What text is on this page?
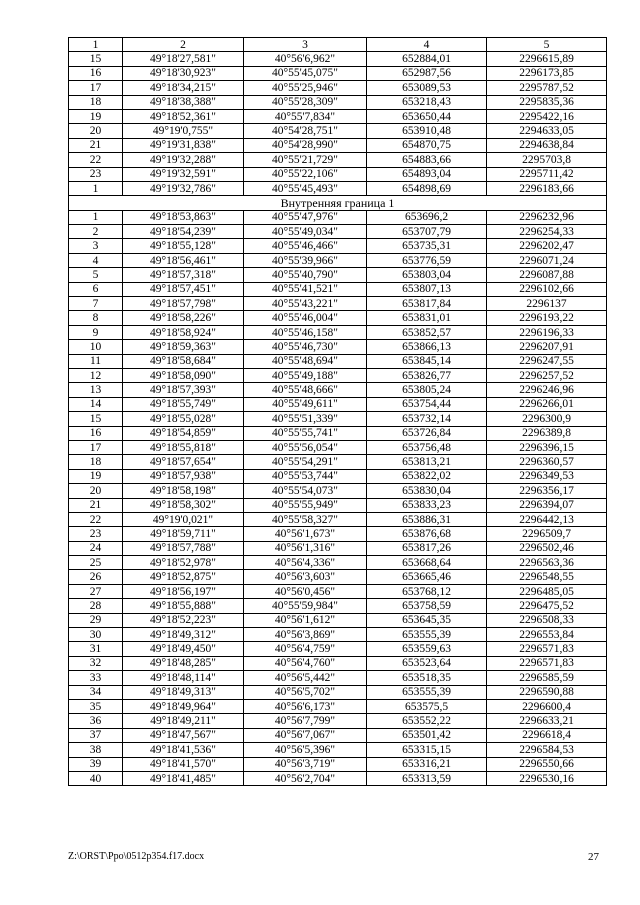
1	2	3	4	5
15	49°18'27,581"	40°56'6,962"	652884,01	2296615,89
16	49°18'30,923"	40°55'45,075"	652987,56	2296173,85
17	49°18'34,215"	40°55'25,946"	653089,53	2295787,52
18	49°18'38,388"	40°55'28,309"	653218,43	2295835,36
19	49°18'52,361"	40°55'7,834"	653650,44	2295422,16
20	49°19'0,755"	40°54'28,751"	653910,48	2294633,05
21	49°19'31,838"	40°54'28,990"	654870,75	2294638,84
22	49°19'32,288"	40°55'21,729"	654883,66	2295703,8
23	49°19'32,591"	40°55'22,106"	654893,04	2295711,42
1	49°19'32,786"	40°55'45,493"	654898,69	2296183,66
Внутренняя граница 1				
1	49°18'53,863"	40°55'47,976"	653696,2	2296232,96
2	49°18'54,239"	40°55'49,034"	653707,79	2296254,33
3	49°18'55,128"	40°55'46,466"	653735,31	2296202,47
4	49°18'56,461"	40°55'39,966"	653776,59	2296071,24
5	49°18'57,318"	40°55'40,790"	653803,04	2296087,88
6	49°18'57,451"	40°55'41,521"	653807,13	2296102,66
7	49°18'57,798"	40°55'43,221"	653817,84	2296137
8	49°18'58,226"	40°55'46,004"	653831,01	2296193,22
9	49°18'58,924"	40°55'46,158"	653852,57	2296196,33
10	49°18'59,363"	40°55'46,730"	653866,13	2296207,91
11	49°18'58,684"	40°55'48,694"	653845,14	2296247,55
12	49°18'58,090"	40°55'49,188"	653826,77	2296257,52
13	49°18'57,393"	40°55'48,666"	653805,24	2296246,96
14	49°18'55,749"	40°55'49,611"	653754,44	2296266,01
15	49°18'55,028"	40°55'51,339"	653732,14	2296300,9
16	49°18'54,859"	40°55'55,741"	653726,84	2296389,8
17	49°18'55,818"	40°55'56,054"	653756,48	2296396,15
18	49°18'57,654"	40°55'54,291"	653813,21	2296360,57
19	49°18'57,938"	40°55'53,744"	653822,02	2296349,53
20	49°18'58,198"	40°55'54,073"	653830,04	2296356,17
21	49°18'58,302"	40°55'55,949"	653833,23	2296394,07
22	49°19'0,021"	40°55'58,327"	653886,31	2296442,13
23	49°18'59,711"	40°56'1,673"	653876,68	2296509,7
24	49°18'57,788"	40°56'1,316"	653817,26	2296502,46
25	49°18'52,978"	40°56'4,336"	653668,64	2296563,36
26	49°18'52,875"	40°56'3,603"	653665,46	2296548,55
27	49°18'56,197"	40°56'0,456"	653768,12	2296485,05
28	49°18'55,888"	40°55'59,984"	653758,59	2296475,52
29	49°18'52,223"	40°56'1,612"	653645,35	2296508,33
30	49°18'49,312"	40°56'3,869"	653555,39	2296553,84
31	49°18'49,450"	40°56'4,759"	653559,63	2296571,83
32	49°18'48,285"	40°56'4,760"	653523,64	2296571,83
33	49°18'48,114"	40°56'5,442"	653518,35	2296585,59
34	49°18'49,313"	40°56'5,702"	653555,39	2296590,88
35	49°18'49,964"	40°56'6,173"	653575,5	2296600,4
36	49°18'49,211"	40°56'7,799"	653552,22	2296633,21
37	49°18'47,567"	40°56'7,067"	653501,42	2296618,4
38	49°18'41,536"	40°56'5,396"	653315,15	2296584,53
39	49°18'41,570"	40°56'3,719"	653316,21	2296550,66
40	49°18'41,485"	40°56'2,704"	653313,59	2296530,16
Z:\ORST\Ppo\0512p354.f17.docx	27
